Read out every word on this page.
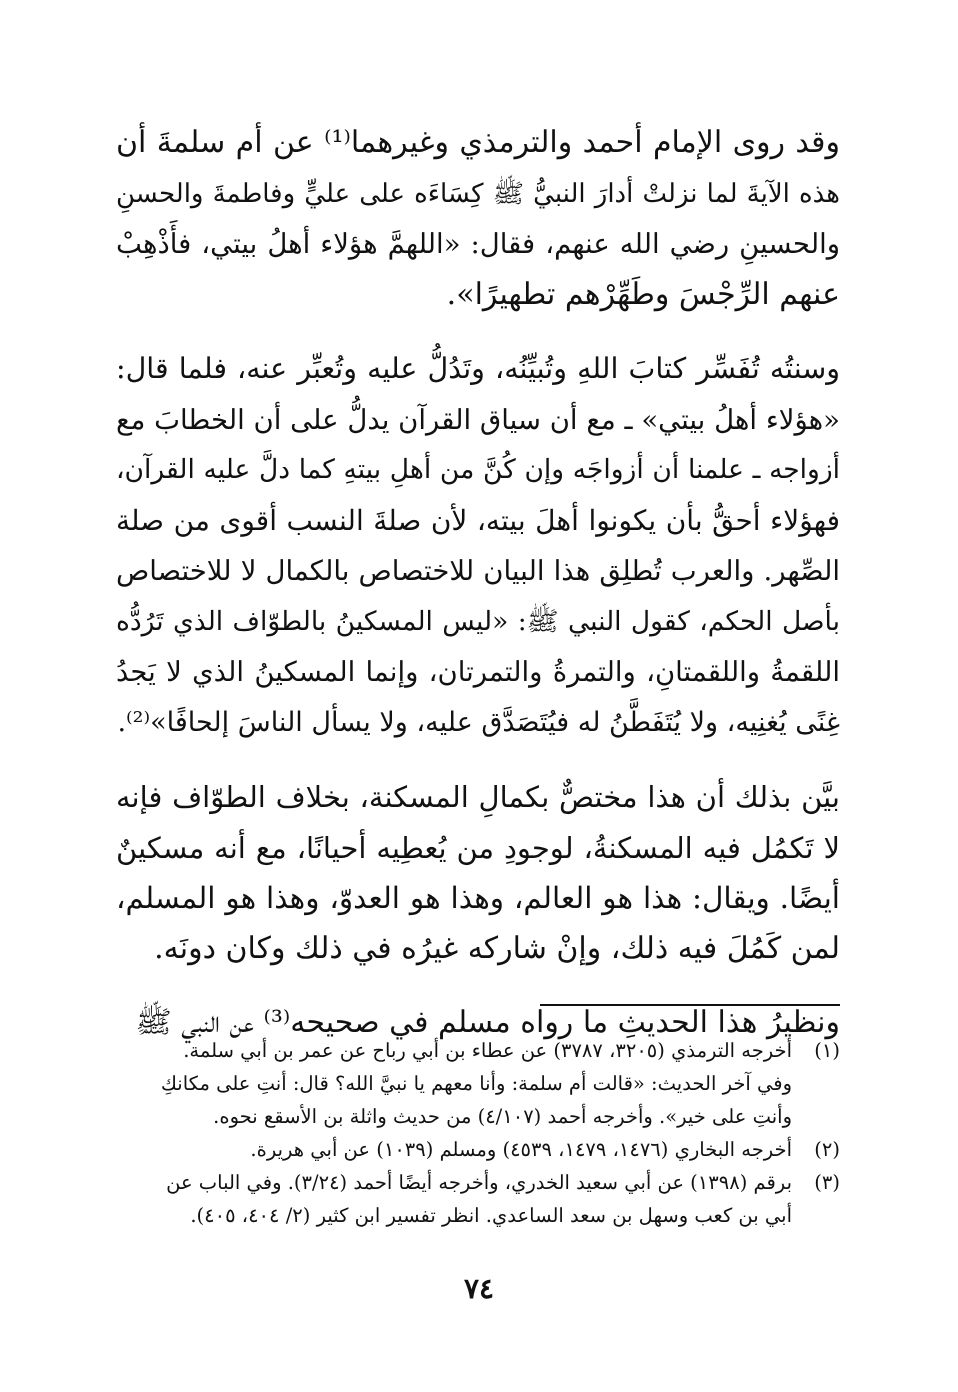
وقد روى الإمام أحمد والترمذي وغيرهما⁽¹⁾ عن أم سلمةَ أن
هذه الآيةَ لما نزلتْ أدارَ النبيُّ ﷺ كِسَاءَه على عليٍّ وفاطمةَ والحسنِ
والحسينِ رضي الله عنهم، فقال: «اللهمَّ هؤلاء أهلُ بيتي، فأَذْهِبْ
عنهم الرِّجْسَ وطَهِّرْهم تطهيرًا».

وسنتُه تُفَسِّر كتابَ اللهِ وتُبيِّنُه، وتَدُلُّ عليه وتُعبِّر عنه، فلما قال:
«هؤلاء أهلُ بيتي» ـ مع أن سياق القرآن يدلُّ على أن الخطابَ مع
أزواجه ـ علمنا أن أزواجَه وإن كُنَّ من أهلِ بيتهِ كما دلَّ عليه القرآن،
فهؤلاء أحقُّ بأن يكونوا أهلَ بيته، لأن صلةَ النسب أقوى من صلة
الصِّهر. والعرب تُطلِق هذا البيان للاختصاص بالكمال لا للاختصاص
بأصل الحكم، كقول النبي ﷺ: «ليس المسكينُ بالطوّاف الذي تَرُدُّه
اللقمةُ واللقمتانِ، والتمرةُ والتمرتان، وإنما المسكينُ الذي لا يَجدُ
غِنًى يُغنِيه، ولا يُتَفَطَّنُ له فيُتَصَدَّق عليه، ولا يسأل الناسَ إلحافًا»⁽²⁾.

بيَّن بذلك أن هذا مختصٌّ بكمالِ المسكنة، بخلاف الطوّاف فإنه
لا تَكمُل فيه المسكنةُ، لوجودِ من يُعطِيه أحيانًا، مع أنه مسكينٌ
أيضًا. ويقال: هذا هو العالم، وهذا هو العدوّ، وهذا هو المسلم،
لمن كَمُلَ فيه ذلك، وإنْ شاركه غيرُه في ذلك وكان دونَه.

ونظيرُ هذا الحديثِ ما رواه مسلم في صحيحه⁽³⁾ عن النبي ﷺ

(١)
أخرجه الترمذي (٣٢٠٥، ٣٧٨٧) عن عطاء بن أبي رباح عن عمر بن أبي سلمة.
وفي آخر الحديث: «قالت أم سلمة: وأنا معهم يا نبيَّ الله؟ قال: أنتِ على مكانكِ
وأنتِ على خير». وأخرجه أحمد (٤/١٠٧) من حديث واثلة بن الأسقع نحوه.
(٢)
أخرجه البخاري (١٤٧٦، ١٤٧٩، ٤٥٣٩) ومسلم (١٠٣٩) عن أبي هريرة.
(٣)
برقم (١٣٩٨) عن أبي سعيد الخدري، وأخرجه أيضًا أحمد (٣/٢٤). وفي الباب عن
أبي بن كعب وسهل بن سعد الساعدي. انظر تفسير ابن كثير (٢/ ٤٠٤، ٤٠٥).
٧٤
